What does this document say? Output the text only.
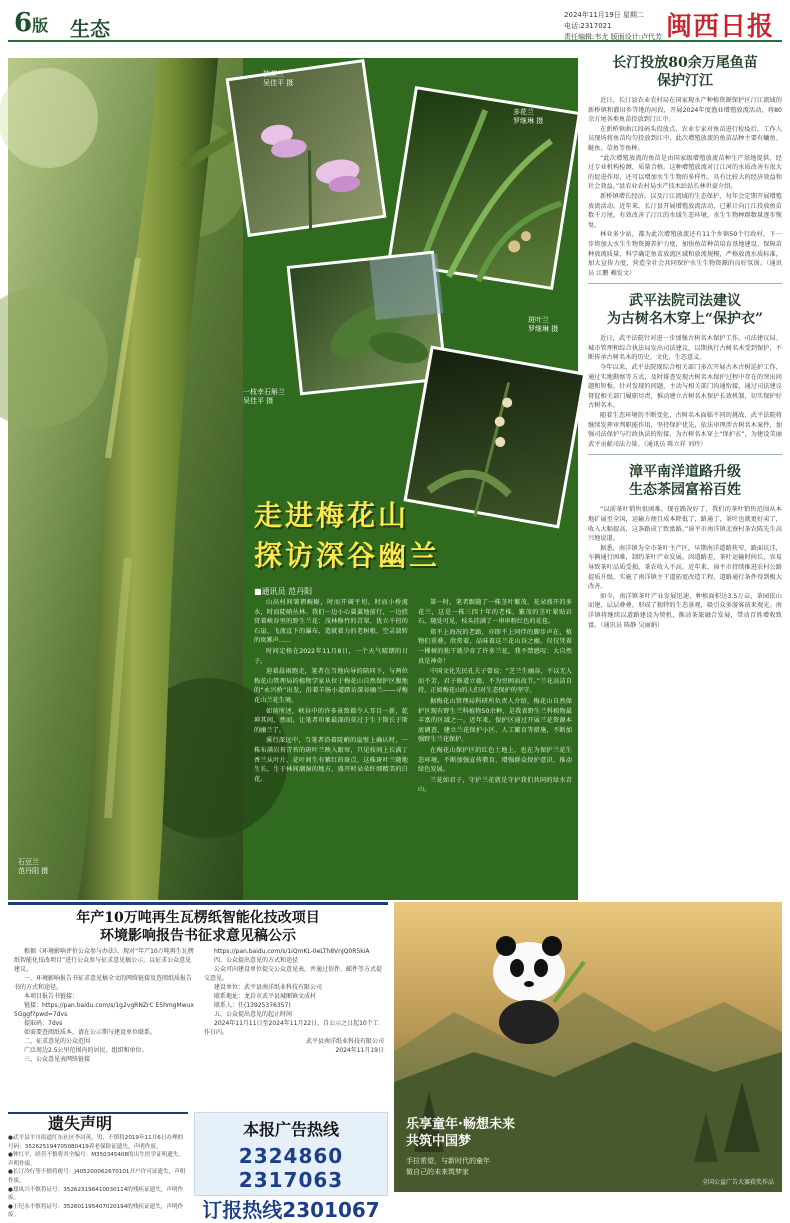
6版 生态
2024年11月19日 星期二
电话:2317021
责任编辑:韦尤 版面设计:卢代芳 闽西日报
独蒜兰
吴佳平 摄
多花兰
罗继琳 摄
斑叶兰
罗继琳 摄
一枝幸石斛兰
吴佳平 摄
石豆兰
范丹阳 摄
走进梅花山
探访深谷幽兰
■通讯员 范丹阳

山高村间皱褶蜿蜒，时而开阔平坦，时而小桥流水，时而陡峭丛林。我们一边小心翼翼地前行，一边欣赏着峡谷里的野生兰花：茂林修竹的青翠、犹立千仞的石崖、飞流直下的瀑布，造就着力的老树根，空灵湍转的岚雾声……

时间定格在2022年11月8日，一个天气晴朗的日子。

迎着晨雨跑走，笔者在当地向导的陪同下，与两位梅花山管理局的植物学家从位于梅花山自然保护区腹地的“永兴桥”出发，沿着羊肠小道踏访深谷幽兰——寻梅花山兰花生境。

如前所述，峡谷中的许多景致都令人耳目一新，乾坤其间，然而，让笔者印象最深的莫过于生于斯长于斯的幽兰了。

溪行深远中，当笔者沿着陡峭的崖壁上确认时，一株布满岩苔青苔的斑叶兰映入眼帘，只见枝间上长满丁香兰从叶片，花叶间生有紫红的斑点，这株斑叶兰随地生长，生于林间潮湿的地方，盛开时朵朵纤细精美的白花。

第一时，笔者跟随了一株茎叶繁茂、花朵盛开的多花兰，这是一株三四十年的老株，繁茂的茎叶紧贴岩石，随处可见，枝头挂满了一串串粉红色的花苞。

郑不上海况的老路，亦即不上同伴的脚步声在，植物们重叠。欣赏着，品味着这兰花山谷之幽，仅仅凭着一棵树的独干就孕育了许多兰花，我不禁感叹：大自然真是神奇！

中国文化先民孔夫子曾说：“芝兰生幽谷，不以无人而不芳，君子修道立德，不为穷困而改节。”兰花高洁自持，正如梅花山的人们对生态保护的坚守。

据梅花山管理局科研所负责人介绍，梅花山自然保护区现有野生兰科植物50余种，是我省野生兰科植物最丰富的区域之一，近年来，保护区通过开展兰花资源本底调查、建立兰花保护小区、人工繁育等措施，不断加强野生兰花保护。

在梅花山保护区的红色土地上，也在为保护兰花生态环境，不断加强宣传教育，增强群众保护意识，推动绿色发展。

兰花如君子，守护兰花就是守护我们共同的绿水青山。

长汀投放80余万尾鱼苗
保护汀江

近日，长汀县农业农村局在国家现水产种植资源保护区汀江流域的新桥镇和濯田乡等地的河段，开展2024年度渔业增殖放流活动，将80余万尾各类鱼苗投放到汀江中。

在新桥镇曲江段码头投放点，农业专家对鱼苗进行检疫后，工作人员现场将鱼苗均匀投放到江中，此次增殖放流的鱼苗品种主要有鳙鱼、鲢鱼、草鱼等鱼种。

“此次增殖放流的鱼苗是由国家级增殖放流苗种生产基地提供，经过专业机构检测，质量合格。这种增殖放流对汀江河的水质改善有很大的促进作用，还可以增加水生生物的多样性，具有比较大的经济效益和社会效益。”县农业农村局水产技术站站长林世豪介绍。

新桥镇增长经济，以及汀江流域的生态保护，每年会定期开展增殖放流活动。近年来，长汀县开展增殖放流活动，已累计向汀江投放鱼苗数千万尾，有效改善了汀江的水域生态环境，水生生物种群数量逐步恢复。

林业多少站，都为此次增殖放流还有11个乡镇50个行政村，下一步将加大水生生物资源养护力度，加快鱼苗种苗培育基地建设，保障苗种放流质量，科学确定鱼苗放流区域和放流规模，严格放流水质标准，加大宣传力度，营造全社会共同保护水生生物资源的良好氛围。（通讯员 江鹏 赖发文）

武平法院司法建议
为古树名木穿上“保护衣”

近日，武平法院针对进一步加强古树名木保护工作，司法建议局、城市管理和综合执法局发出司法建议，以期执行古树名木受到保护，不断传承古树名木的历史、文化、生态意义。

今年以来，武平法院现综合相关部门多次开展古木古树巡护工作，通过实地勘察等方式，及时排查发现古树名木保护过程中存在的突出问题和短板。针对发现的问题，主动与相关部门沟通衔接，通过司法建议督促相关部门履职尽责，推动建立古树名木保护长效机制，切实保护好古树名木。

随着生态环境的不断变化，古树名木面临不同的挑战，武平法院将继续发挥审判职能作用，坚持保护优先，依法审理涉古树名木案件，加强司法保护与行政执法的衔接，为古树名木穿上“保护衣”，为建设美丽武平贡献司法力量。（通讯员 陈立祥 刘玲）

漳平南洋道路升级
生态茶园富裕百姓

“以前茶叶销售很困难，现在路况好了，我们的茶叶销售范围从本地扩展至全国，运输方便且成本降低了，路通了，茶叶也就更好卖了，收入大幅提高，这条路成了致富路。”漳平市南洋镇北寮村茶农陈先生高兴地说道。

据悉，南洋镇为全市茶叶主产区，早期南洋道路狭窄、路面坑洼，车辆通行困难，制约茶叶产业发展。因道路差，茶叶运输时间长，容易导致茶叶品质受损，茶农收入不高。近年来，漳平市持续推进农村公路提质升级，实施了南洋镇主干道拓宽改造工程，道路通行条件得到极大改善。

如今，南洋镇茶叶产业发展迅速，种植面积达3.5万亩，茶园依山而建，层层叠叠，形成了独特的生态景观，吸引众多游客前来观光。南洋镇将继续以道路建设为契机，推动茶旅融合发展，带动百姓增收致富。（通讯员 陈静 吴丽娟）

年产10万吨再生瓦楞纸智能化技改项目
环境影响报告书征求意见稿公示

根据《环境影响评价公众参与办法》，现对“年产10万吨再生瓦楞纸智能化技改项目”进行公众参与征求意见稿公示，以征求公众意见建议。

一、环境影响报告书征求意见稿全文的网络链接及查阅纸质报告书的方式和途径。

本项目报告书链接：

链接：https://pan.baidu.com/s/1g2vgRNZrC E5hmgMwux5Gggf?pwd=7dvs

提取码：7dvs

如需要查阅纸质本，请在公示期与建设单位联系。

二、征求意见的公众范围

广泛周边2.5公里范围内的居民、组织和单位。

三、公众意见表网络链接

https://pan.baidu.com/s/1iQmKL-0eLTh8VnJQ0R5kiA

四、公众提出意见的方式和途径

公众可向建设单位提交公众意见表，并通过信件、邮件等方式提交意见。

建设单位：武平县南洋纸业科技有限公司

联系地址：龙岩市武平县城厢镇文成村

联系人：任(13925376357)

五、公众提出意见的起止时间

2024年11月11日至2024年11月22日，自公示之日起10个工作日内。

武平县南洋纸业科技有限公司
2024年11月19日

乐享童年·畅想未来
共筑中国梦
手拉希望，与新时代的童年
做自己的未来筑梦家
全国公益广告大赛获奖作品
遗失声明
●武平县平川街道红东社区李昌英，男，不慎将2019年11月6日办理的号码：352625194705080419养老保险证遗失，声明作废。
●钟红平，经营不慎将其全编号：M350345408的出生医学证明遗失，声明作废。
●长汀冷行等不慎将税号：J405200062670101开户许可证遗失，声明作废。
●郑凤兴不慎将证号：352623196410030114的残疾证遗失，声明作废。
●王纪永不慎将证号：352601195407020194的残疾证遗失，声明作废。
本报广告热线
2324860 2317063
订报热线2301067
